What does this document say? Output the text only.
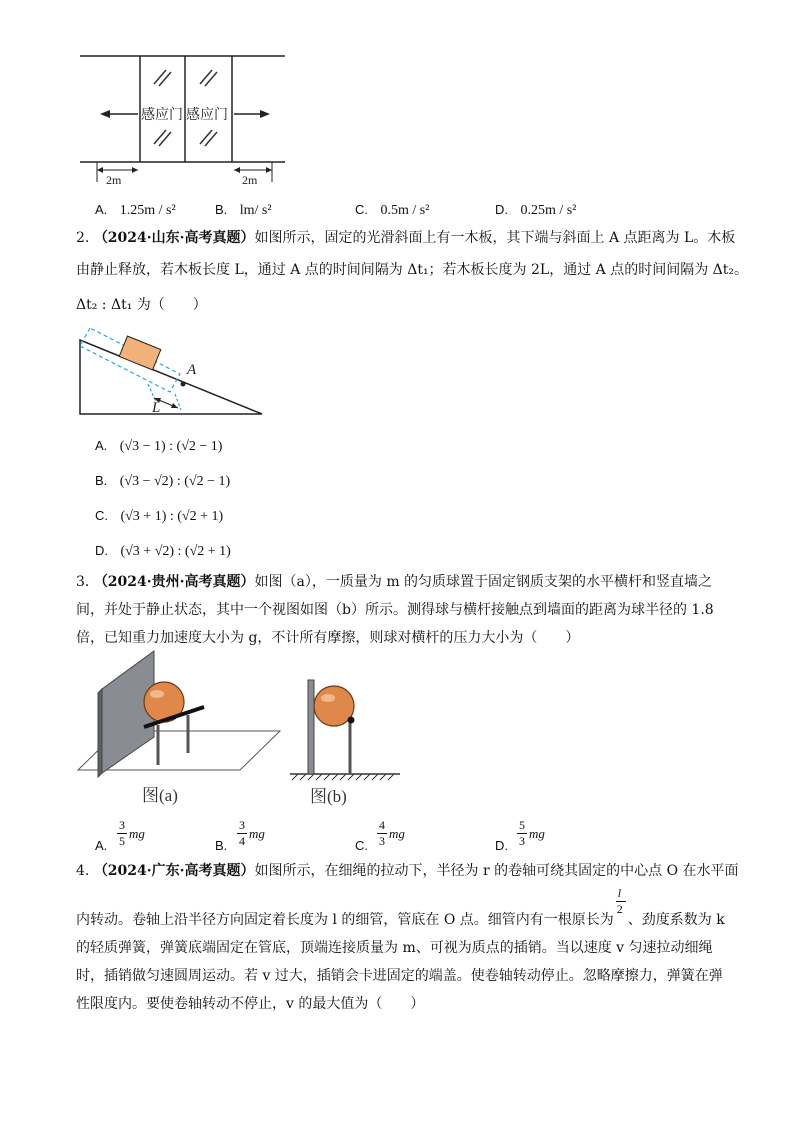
感应门 感应门
2m	2m
A. 1.25m / s²	B. lm/ s²	C. 0.5m / s²	D. 0.25m / s²
2. （2024·山东·高考真题）如图所示，固定的光滑斜面上有一木板，其下端与斜面上 A 点距离为 L。木板
由静止释放，若木板长度 L，通过 A 点的时间间隔为 Δt₁；若木板长度为 2L，通过 A 点的时间间隔为 Δt₂。
Δt₂ : Δt₁ 为（　　）
A
L
A. (√3 − 1) : (√2 − 1)
B. (√3 − √2) : (√2 − 1)
C. (√3 + 1) : (√2 + 1)
D. (√3 + √2) : (√2 + 1)
3. （2024·贵州·高考真题）如图（a），一质量为 m 的匀质球置于固定钢质支架的水平横杆和竖直墙之
间，并处于静止状态，其中一个视图如图（b）所示。测得球与横杆接触点到墙面的距离为球半径的 1.8
倍，已知重力加速度大小为 g，不计所有摩擦，则球对横杆的压力大小为（　　）
图(a)	图(b)
A.
3
5 mg
B.
3
4 mg
C.
4
3 mg
D.
5
3 mg
4. （2024·广东·高考真题）如图所示，在细绳的拉动下，半径为 r 的卷轴可绕其固定的中心点 O 在水平面
内转动。卷轴上沿半径方向固定着长度为 l 的细管，管底在 O 点。细管内有一根原长为 $\frac{l}{2}$ 、劲度系数为 k
的轻质弹簧，弹簧底端固定在管底，顶端连接质量为 m、可视为质点的插销。当以速度 v 匀速拉动细绳
时，插销做匀速圆周运动。若 v 过大，插销会卡进固定的端盖。使卷轴转动停止。忽略摩擦力，弹簧在弹
性限度内。要使卷轴转动不停止，v 的最大值为（　　）
